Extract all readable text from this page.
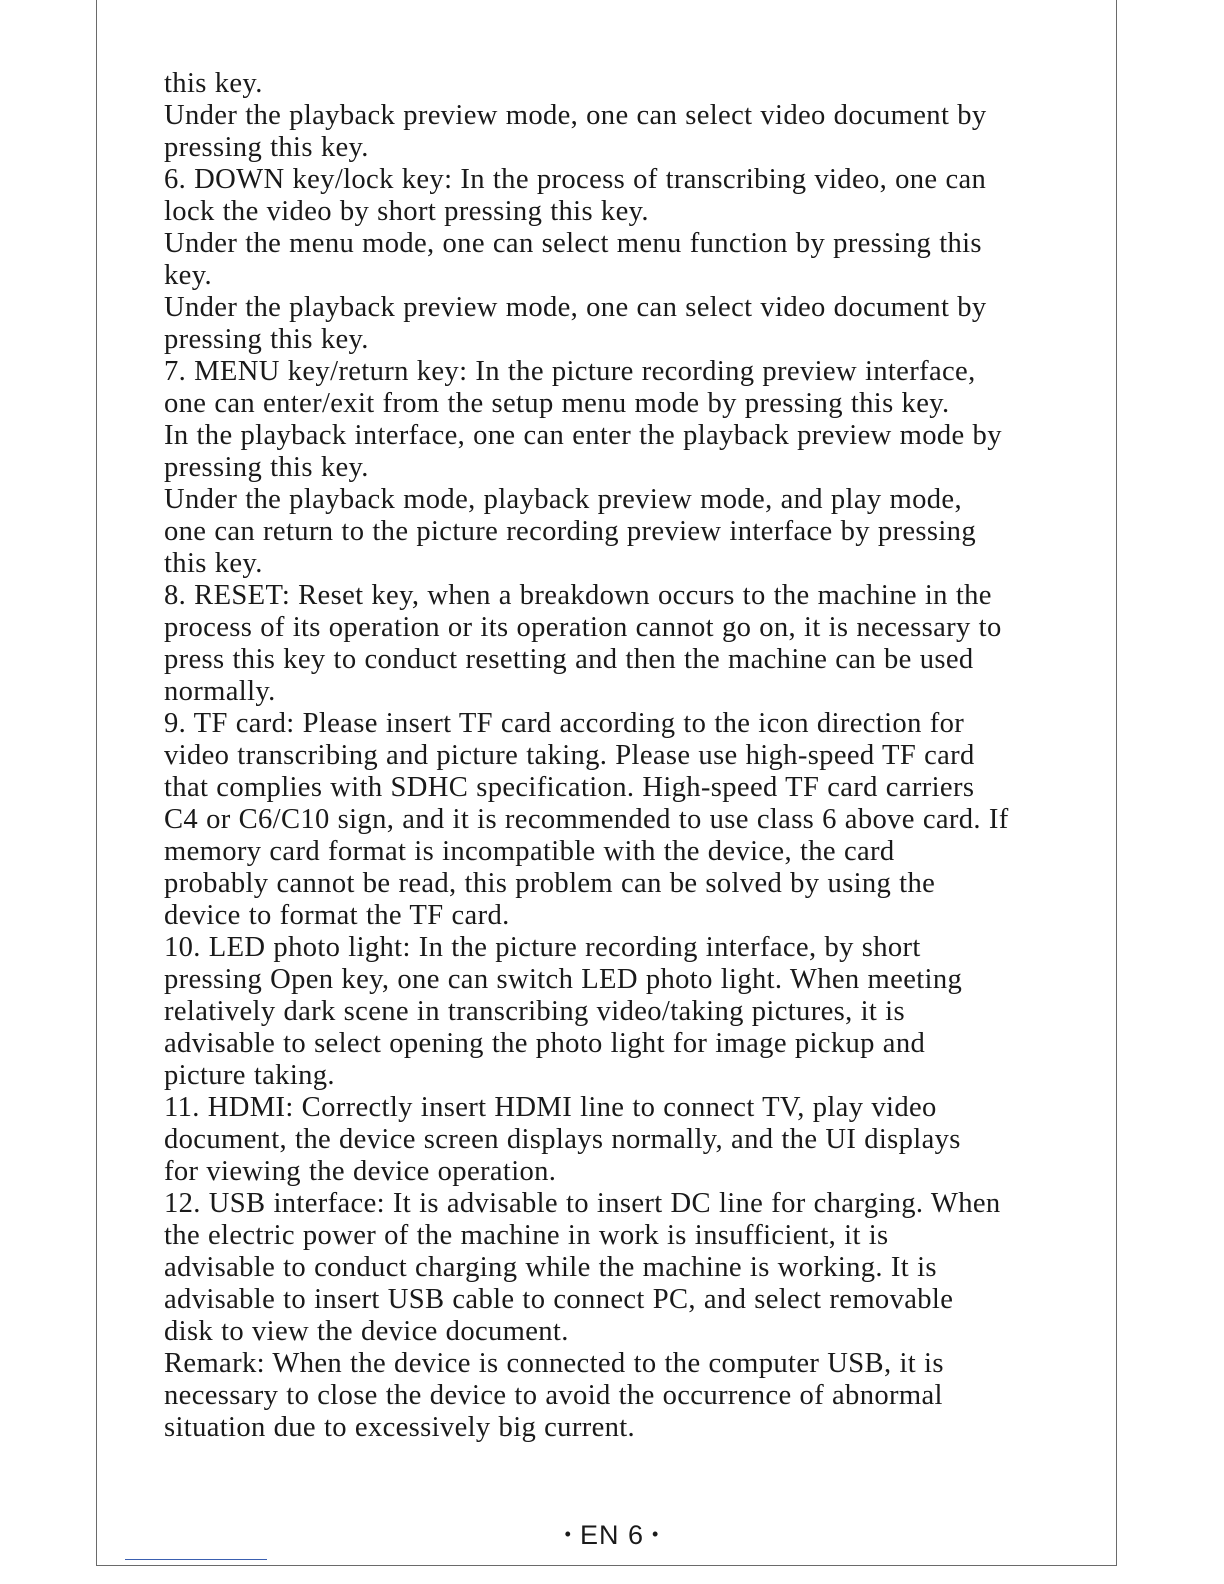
this key.
Under the playback preview mode, one can select video document by
pressing this key.
6. DOWN key/lock key: In the process of transcribing video, one can
lock the video by short pressing this key.
Under the menu mode, one can select menu function by pressing this
key.
Under the playback preview mode, one can select video document by
pressing this key.
7. MENU key/return key: In the picture recording preview interface,
one can enter/exit from the setup menu mode by pressing this key.
In the playback interface, one can enter the playback preview mode by
pressing this key.
Under the playback mode, playback preview mode, and play mode,
one can return to the picture recording preview interface by pressing
this key.
8. RESET: Reset key, when a breakdown occurs to the machine in the
process of its operation or its operation cannot go on, it is necessary to
press this key to conduct resetting and then the machine can be used
normally.
9. TF card: Please insert TF card according to the icon direction for
video transcribing and picture taking. Please use high-speed TF card
that complies with SDHC specification. High-speed TF card carriers
C4 or C6/C10 sign, and it is recommended to use class 6 above card. If
memory card format is incompatible with the device, the card
probably cannot be read, this problem can be solved by using the
device to format the TF card.
10. LED photo light: In the picture recording interface, by short
pressing Open key, one can switch LED photo light. When meeting
relatively dark scene in transcribing video/taking pictures, it is
advisable to select opening the photo light for image pickup and
picture taking.
11. HDMI: Correctly insert HDMI line to connect TV, play video
document, the device screen displays normally, and the UI displays
for viewing the device operation.
12. USB interface: It is advisable to insert DC line for charging. When
the electric power of the machine in work is insufficient, it is
advisable to conduct charging while the machine is working. It is
advisable to insert USB cable to connect PC, and select removable
disk to view the device document.
Remark: When the device is connected to the computer USB, it is
necessary to close the device to avoid the occurrence of abnormal
situation due to excessively big current.
• EN 6 •
